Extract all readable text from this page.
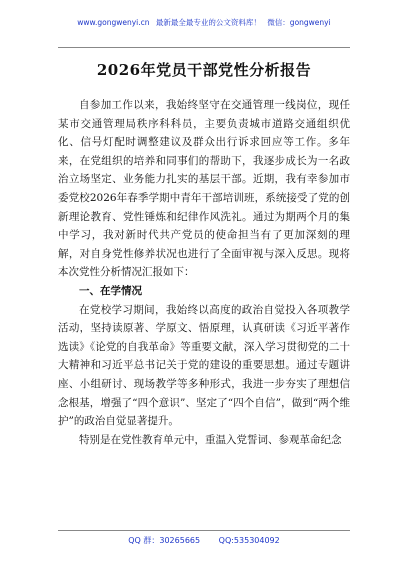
www.gongwenyi.cn 最新最全最专业的公文资料库！ 微信：gongwenyi
2026年党员干部党性分析报告

自参加工作以来，我始终坚守在交通管理一线岗位，现任某市交通管理局秩序科科员，主要负责城市道路交通组织优化、信号灯配时调整建议及群众出行诉求回应等工作。多年来，在党组织的培养和同事们的帮助下，我逐步成长为一名政治立场坚定、业务能力扎实的基层干部。近期，我有幸参加市委党校2026年春季学期中青年干部培训班，系统接受了党的创新理论教育、党性锤炼和纪律作风洗礼。通过为期两个月的集中学习，我对新时代共产党员的使命担当有了更加深刻的理解，对自身党性修养状况也进行了全面审视与深入反思。现将本次党性分析情况汇报如下：

一、在学情况

在党校学习期间，我始终以高度的政治自觉投入各项教学活动，坚持读原著、学原文、悟原理，认真研读《习近平著作选读》《论党的自我革命》等重要文献，深入学习贯彻党的二十大精神和习近平总书记关于党的建设的重要思想。通过专题讲座、小组研讨、现场教学等多种形式，我进一步夯实了理想信念根基，增强了“四个意识”、坚定了“四个自信”，做到“两个维护”的政治自觉显著提升。

特别是在党性教育单元中，重温入党誓词、参观革命纪念

QQ 群：30265665 QQ:535304092
